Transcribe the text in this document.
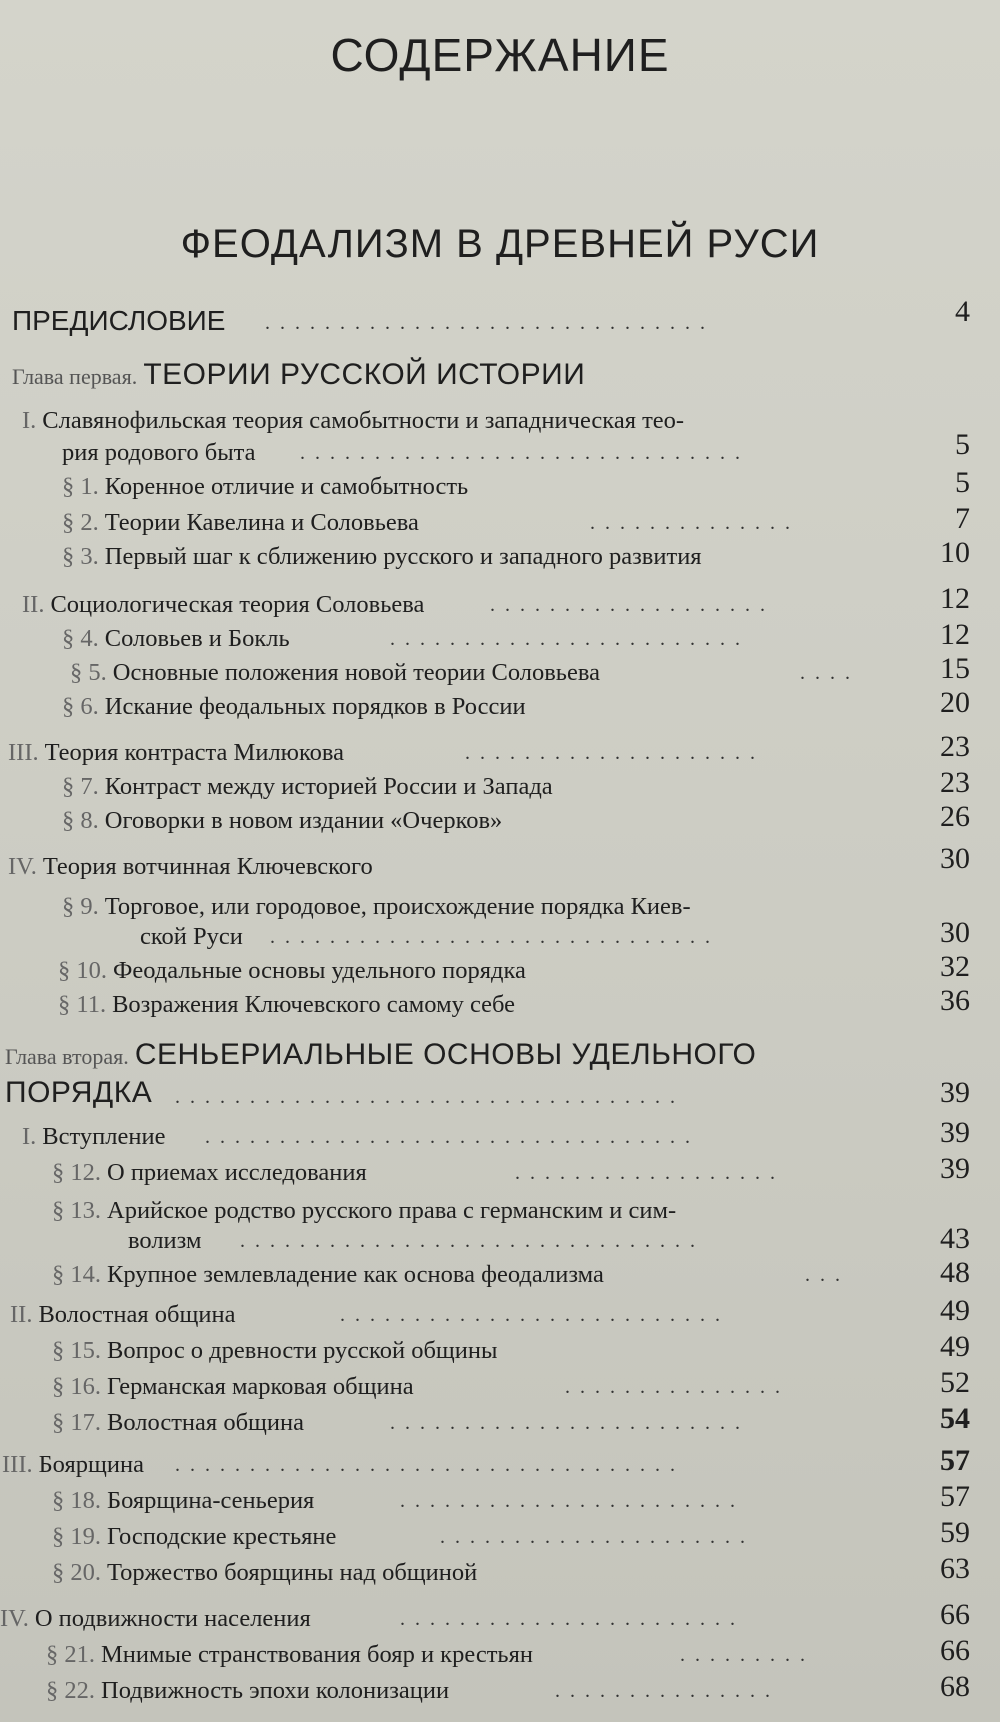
СОДЕРЖАНИЕ
ФЕОДАЛИЗМ В ДРЕВНЕЙ РУСИ
ПРЕДИСЛОВИЕ ..............................	4
Глава первая. ТЕОРИИ РУССКОЙ ИСТОРИИ
I. Славянофильская теория самобытности и западническая тео-
рия родового быта ..............................	5
§ 1. Коренное отличие и самобытность	5
§ 2. Теории Кавелина и Соловьева	..............	7
§ 3. Первый шаг к сближению русского и западного развития	10
II. Социологическая теория Соловьева	...................	12
§ 4. Соловьев и Бокль	........................	12
§ 5. Основные положения новой теории Соловьева	....	15
§ 6. Искание феодальных порядков в России	20
III. Теория контраста Милюкова	....................	23
§ 7. Контраст между историей России и Запада	23
§ 8. Оговорки в новом издании «Очерков»	26
IV. Теория вотчинная Ключевского	30
§ 9. Торговое, или городовое, происхождение порядка Киев-
ской Руси ..............................	30
§ 10. Феодальные основы удельного порядка	32
§ 11. Возражения Ключевского самому себе	36
Глава вторая. СЕНЬЕРИАЛЬНЫЕ ОСНОВЫ УДЕЛЬНОГО
ПОРЯДКА ..................................	39
I. Вступление .................................	39
§ 12. О приемах исследования	..................	39
§ 13. Арийское родство русского права с германским и сим-
волизм ...............................	43
§ 14. Крупное землевладение как основа феодализма	...	48
II. Волостная община	..........................	49
§ 15. Вопрос о древности русской общины	49
§ 16. Германская марковая община	...............	52
§ 17. Волостная община	........................	54
III. Боярщина ..................................	57
§ 18. Боярщина-сеньерия	.......................	57
§ 19. Господские крестьяне	.....................	59
§ 20. Торжество боярщины над общиной	63
IV. О подвижности населения	.......................	66
§ 21. Мнимые странствования бояр и крестьян	.........	66
§ 22. Подвижность эпохи колонизации	...............	68
